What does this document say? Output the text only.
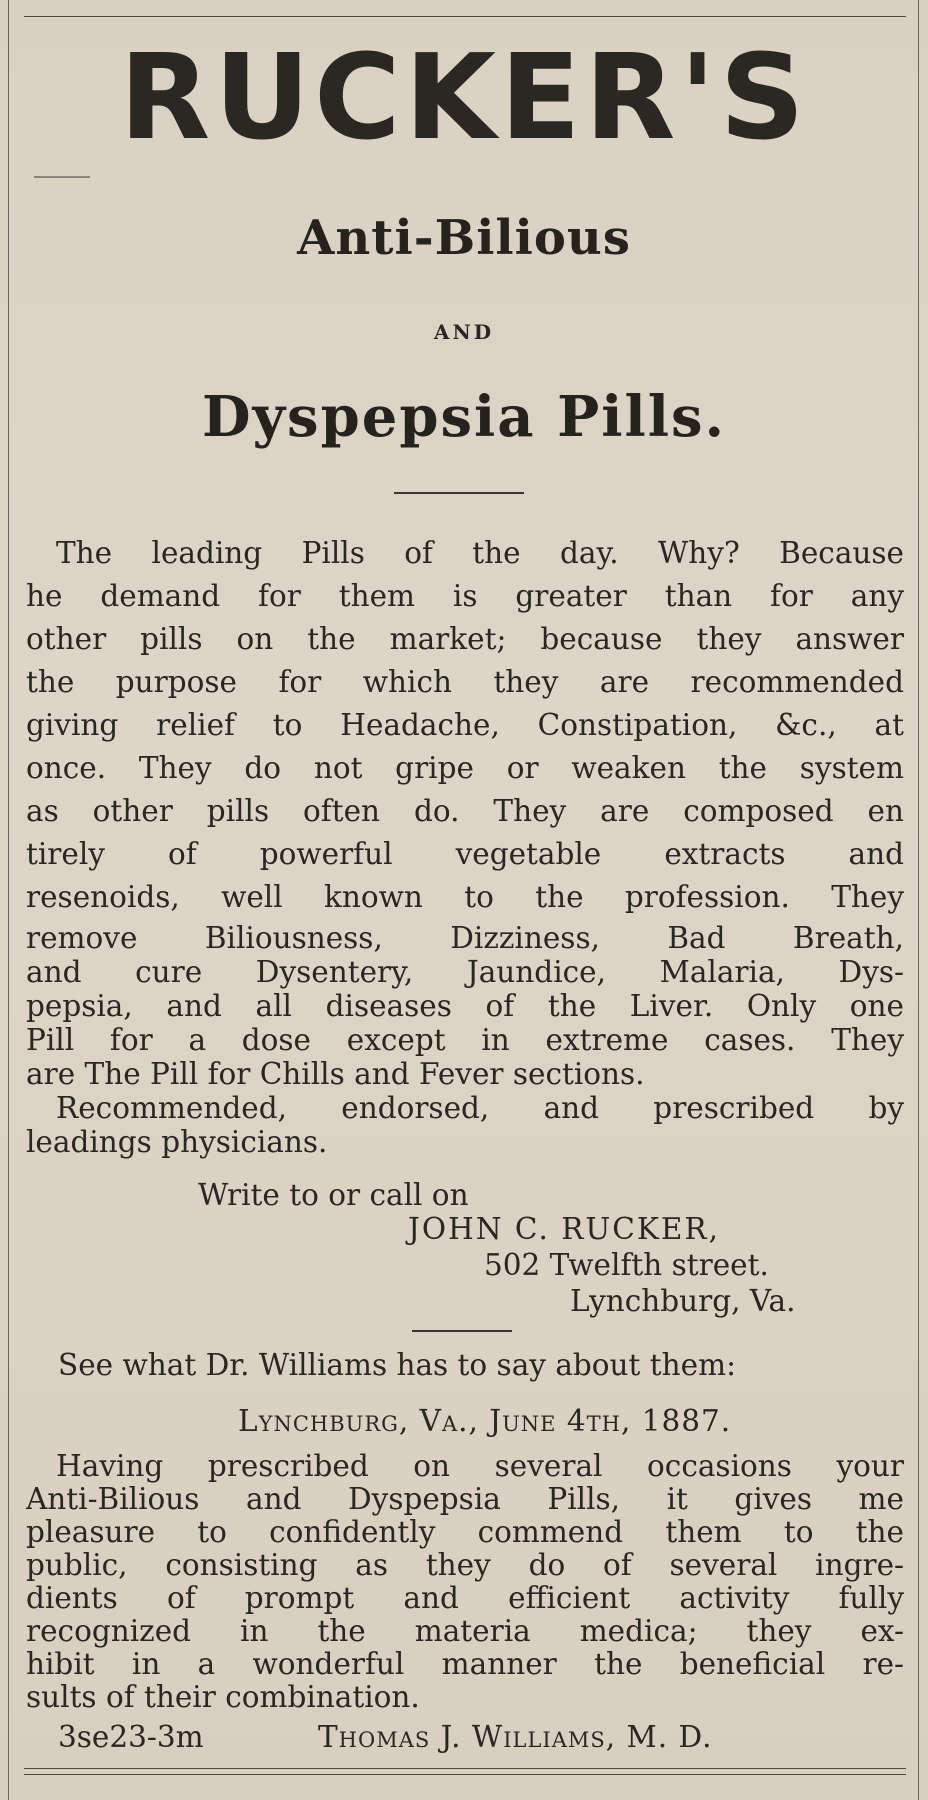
RUCKER'S
Anti-Bilious
AND
Dyspepsia Pills.
The leading Pills of the day. Why? Because
he demand for them is greater than for any
other pills on the market; because they answer
the purpose for which they are recommended
giving relief to Headache, Constipation, &c., at
once. They do not gripe or weaken the system
as other pills often do. They are composed en
tirely of powerful vegetable extracts and
resenoids, well known to the profession. They
remove Biliousness, Dizziness, Bad Breath,
and cure Dysentery, Jaundice, Malaria, Dys-
pepsia, and all diseases of the Liver. Only one
Pill for a dose except in extreme cases. They
are The Pill for Chills and Fever sections.
Recommended, endorsed, and prescribed by
leadings physicians.
Write to or call on
JOHN C. RUCKER,
502 Twelfth street.
Lynchburg, Va.
See what Dr. Williams has to say about them:
Lynchburg, Va., June 4th, 1887.
Having prescribed on several occasions your
Anti-Bilious and Dyspepsia Pills, it gives me
pleasure to confidently commend them to the
public, consisting as they do of several ingre-
dients of prompt and efficient activity fully
recognized in the materia medica; they ex-
hibit in a wonderful manner the beneficial re-
sults of their combination.
3se23-3m	Thomas J. Williams, M. D.
